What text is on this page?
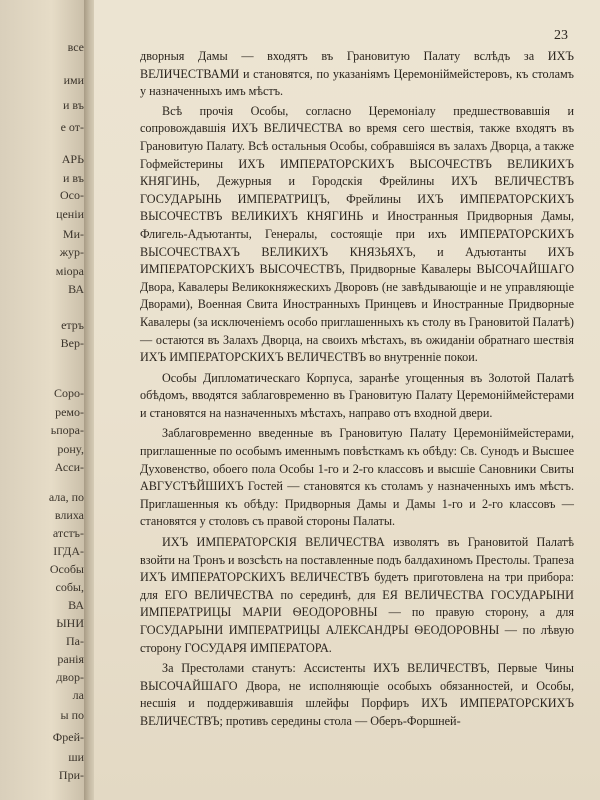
все
ими
и въ
е от-
АРЬ
и въ
Осо-
ценіи
Ми-
жур-
міора
ВА
етръ
Вер-
Соро-
ремо-
ьпора-
ронy,
Асси-
ала, по
влиха
атстъ-
ІГДА-
Особы
собы,
ВА
ЫНИ
Па-
ранія
двор-
ла
ы по
Фрей-
ши
При-
23

дворныя Дамы — входятъ въ Грановитую Палату вслѣдъ за ИХЪ ВЕЛИЧЕСТВАМИ и становятся, по указаніямъ Церемоніймейстеровъ, къ столамъ у назначенныхъ имъ мѣстъ.

Всѣ прочія Особы, согласно Церемоніалу предшествовавшія и сопровождавшія ИХЪ ВЕЛИЧЕСТВА во время сего шествія, также входятъ въ Грановитую Палату. Всѣ остальныя Особы, собравшіяся въ залахъ Дворца, а также Гофмейстерины ИХЪ ИМПЕРАТОРСКИХЪ ВЫСОЧЕСТВЪ ВЕЛИКИХЪ КНЯГИНЬ, Дежурныя и Городскія Фрейлины ИХЪ ВЕЛИЧЕСТВЪ ГОСУДАРЫНЬ ИМПЕРАТРИЦЪ, Фрейлины ИХЪ ИМПЕРАТОРСКИХЪ ВЫСОЧЕСТВЪ ВЕЛИКИХЪ КНЯГИНЬ и Иностранныя Придворныя Дамы, Флигель-Адъютанты, Генералы, состоящіе при ихъ ИМПЕРАТОРСКИХЪ ВЫСОЧЕСТВАХЪ ВЕЛИКИХЪ КНЯЗЬЯХЪ, и Адъютанты ИХЪ ИМПЕРАТОРСКИХЪ ВЫСОЧЕСТВЪ, Придворные Кавалеры ВЫСОЧАЙШАГО Двора, Кавалеры Великокняжескихъ Дворовъ (не завѣдывающіе и не управляющіе Дворами), Военная Свита Иностранныхъ Принцевъ и Иностранные Придворные Кавалеры (за исключеніемъ особо приглашенныхъ къ столу въ Грановитой Палатѣ) — остаются въ Залахъ Дворца, на своихъ мѣстахъ, въ ожиданіи обратнаго шествія ИХЪ ИМПЕРАТОРСКИХЪ ВЕЛИЧЕСТВЪ во внутренніе покои.

Особы Дипломатическаго Корпуса, заранѣе угощенныя въ Золотой Палатѣ обѣдомъ, вводятся заблаговременно въ Грановитую Палату Церемоніймейстерами и становятся на назначенныхъ мѣстахъ, направо отъ входной двери.

Заблаговременно введенные въ Грановитую Палату Церемоніймейстерами, приглашенные по особымъ именнымъ повѣсткамъ къ обѣду: Св. Сунодъ и Высшее Духовенство, обоего пола Особы 1-го и 2-го классовъ и высшіе Сановники Свиты АВГУСТѢЙШИХЪ Гостей — становятся къ столамъ у назначенныхъ имъ мѣстъ. Приглашенныя къ обѣду: Придворныя Дамы и Дамы 1-го и 2-го классовъ — становятся у столовъ съ правой стороны Палаты.

ИХЪ ИМПЕРАТОРСКІЯ ВЕЛИЧЕСТВА изволятъ въ Грановитой Палатѣ взойти на Тронъ и возсѣсть на поставленные подъ балдахиномъ Престолы. Трапеза ИХЪ ИМПЕРАТОРСКИХЪ ВЕЛИЧЕСТВЪ будетъ приготовлена на три прибора: для ЕГО ВЕЛИЧЕСТВА по серединѣ, для ЕЯ ВЕЛИЧЕСТВА ГОСУДАРЫНИ ИМПЕРАТРИЦЫ МАРІИ ѲЕОДОРОВНЫ — по правую сторону, а для ГОСУДАРЫНИ ИМПЕРАТРИЦЫ АЛЕКСАНДРЫ ѲЕОДОРОВНЫ — по лѣвую сторону ГОСУДАРЯ ИМПЕРАТОРА.

За Престолами станутъ: Ассистенты ИХЪ ВЕЛИЧЕСТВЪ, Первые Чины ВЫСОЧАЙШАГО Двора, не исполняющіе особыхъ обязанностей, и Особы, несшія и поддерживавшія шлейфы Порфиръ ИХЪ ИМПЕРАТОРСКИХЪ ВЕЛИЧЕСТВЪ; противъ середины стола — Оберъ-Форшней-
